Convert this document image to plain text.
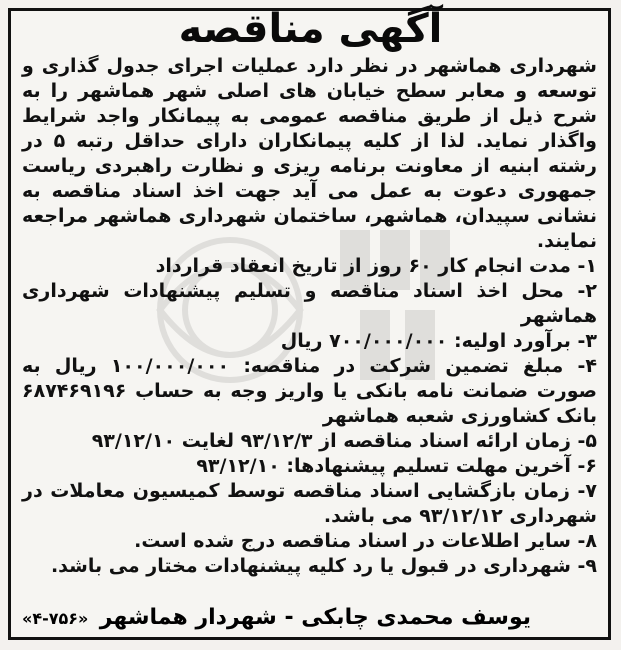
آگهی مناقصه

شهرداری هماشهر در نظر دارد عملیات اجرای جدول گذاری و توسعه و معابر سطح خیابان های اصلی شهر هماشهر را به شرح ذیل از طریق مناقصه عمومی به پیمانکار واجد شرایط واگذار نماید. لذا از کلیه پیمانکاران دارای حداقل رتبه ۵ در رشته ابنیه از معاونت برنامه ریزی و نظارت راهبردی ریاست جمهوری دعوت به عمل می آید جهت اخذ اسناد مناقصه به نشانی سپیدان، هماشهر، ساختمان شهرداری هماشهر مراجعه نمایند.

۱- مدت انجام کار ۶۰ روز از تاریخ انعقاد قرارداد
۲- محل اخذ اسناد مناقصه و تسلیم پیشنهادات شهرداری هماشهر
۳- برآورد اولیه: ۷۰۰/۰۰۰/۰۰۰ ریال
۴- مبلغ تضمین شرکت در مناقصه: ۱۰۰/۰۰۰/۰۰۰ ریال به صورت ضمانت نامه بانکی یا واریز وجه به حساب ۶۸۷۴۶۹۱۹۶ بانک کشاورزی شعبه هماشهر
۵- زمان ارائه اسناد مناقصه از ۹۳/۱۲/۳ لغایت ۹۳/۱۲/۱۰
۶- آخرین مهلت تسلیم پیشنهادها: ۹۳/۱۲/۱۰
۷- زمان بازگشایی اسناد مناقصه توسط کمیسیون معاملات در شهرداری ۹۳/۱۲/۱۲ می باشد.
۸- سایر اطلاعات در اسناد مناقصه درج شده است.
۹- شهرداری در قبول یا رد کلیه پیشنهادات مختار می باشد.
یوسف محمدی چابکی - شهردار هماشهر
«۴-۷۵۶»
